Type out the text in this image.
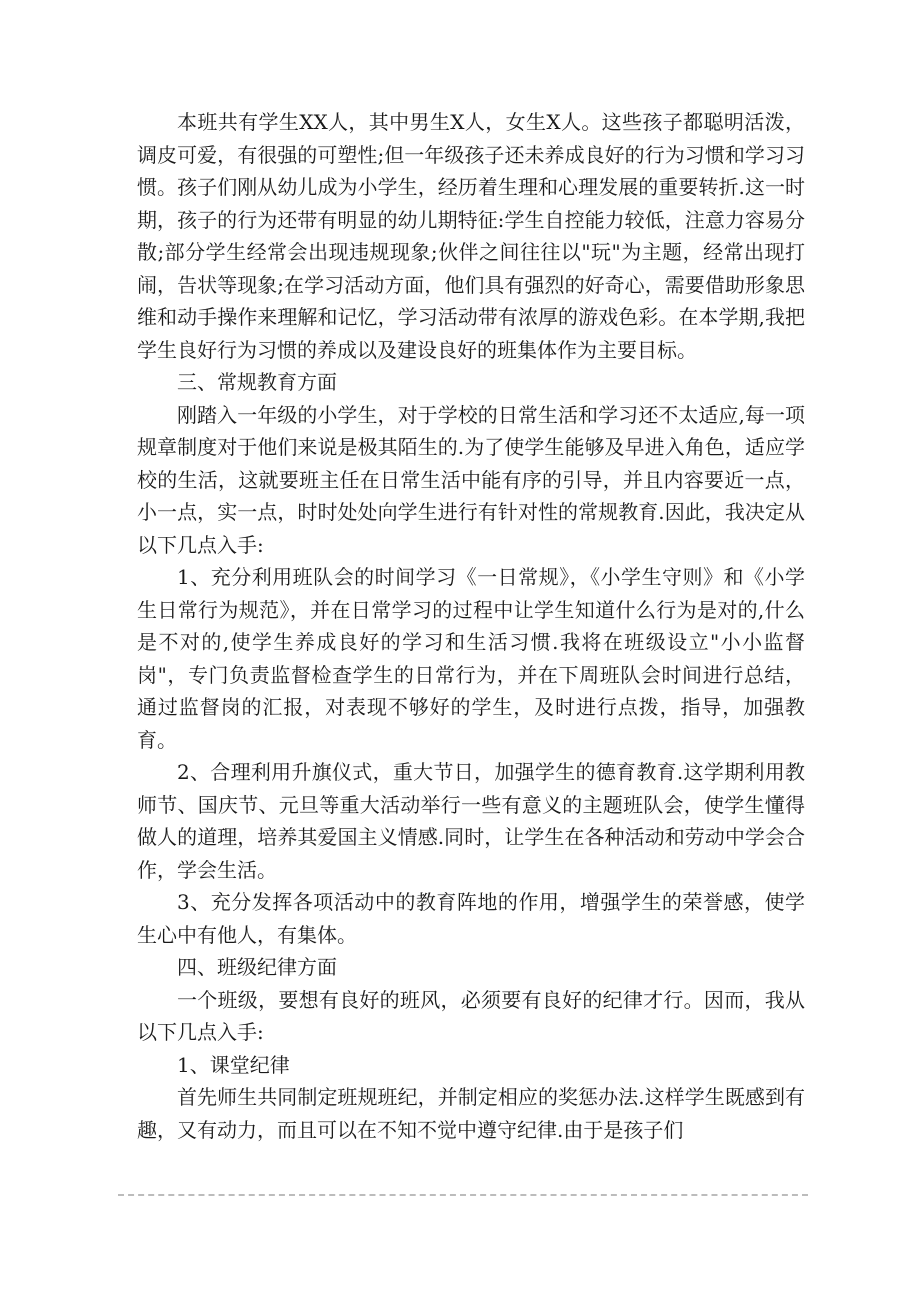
本班共有学生XX人，其中男生X人，女生X人。这些孩子都聪明活泼，调皮可爱，有很强的可塑性;但一年级孩子还未养成良好的行为习惯和学习习惯。孩子们刚从幼儿成为小学生，经历着生理和心理发展的重要转折.这一时期，孩子的行为还带有明显的幼儿期特征:学生自控能力较低，注意力容易分散;部分学生经常会出现违规现象;伙伴之间往往以"玩"为主题，经常出现打闹，告状等现象;在学习活动方面，他们具有强烈的好奇心，需要借助形象思维和动手操作来理解和记忆，学习活动带有浓厚的游戏色彩。在本学期,我把学生良好行为习惯的养成以及建设良好的班集体作为主要目标。

三、常规教育方面

刚踏入一年级的小学生，对于学校的日常生活和学习还不太适应,每一项规章制度对于他们来说是极其陌生的.为了使学生能够及早进入角色，适应学校的生活，这就要班主任在日常生活中能有序的引导，并且内容要近一点，小一点，实一点，时时处处向学生进行有针对性的常规教育.因此，我决定从以下几点入手:

1、充分利用班队会的时间学习《一日常规》，《小学生守则》和《小学生日常行为规范》，并在日常学习的过程中让学生知道什么行为是对的,什么是不对的,使学生养成良好的学习和生活习惯.我将在班级设立"小小监督岗"，专门负责监督检查学生的日常行为，并在下周班队会时间进行总结，通过监督岗的汇报，对表现不够好的学生，及时进行点拨，指导，加强教育。

2、合理利用升旗仪式，重大节日，加强学生的德育教育.这学期利用教师节、国庆节、元旦等重大活动举行一些有意义的主题班队会，使学生懂得做人的道理，培养其爱国主义情感.同时，让学生在各种活动和劳动中学会合作，学会生活。

3、充分发挥各项活动中的教育阵地的作用，增强学生的荣誉感，使学生心中有他人，有集体。

四、班级纪律方面

一个班级，要想有良好的班风，必须要有良好的纪律才行。因而，我从以下几点入手:

1、课堂纪律

首先师生共同制定班规班纪，并制定相应的奖惩办法.这样学生既感到有趣，又有动力，而且可以在不知不觉中遵守纪律.由于是孩子们
